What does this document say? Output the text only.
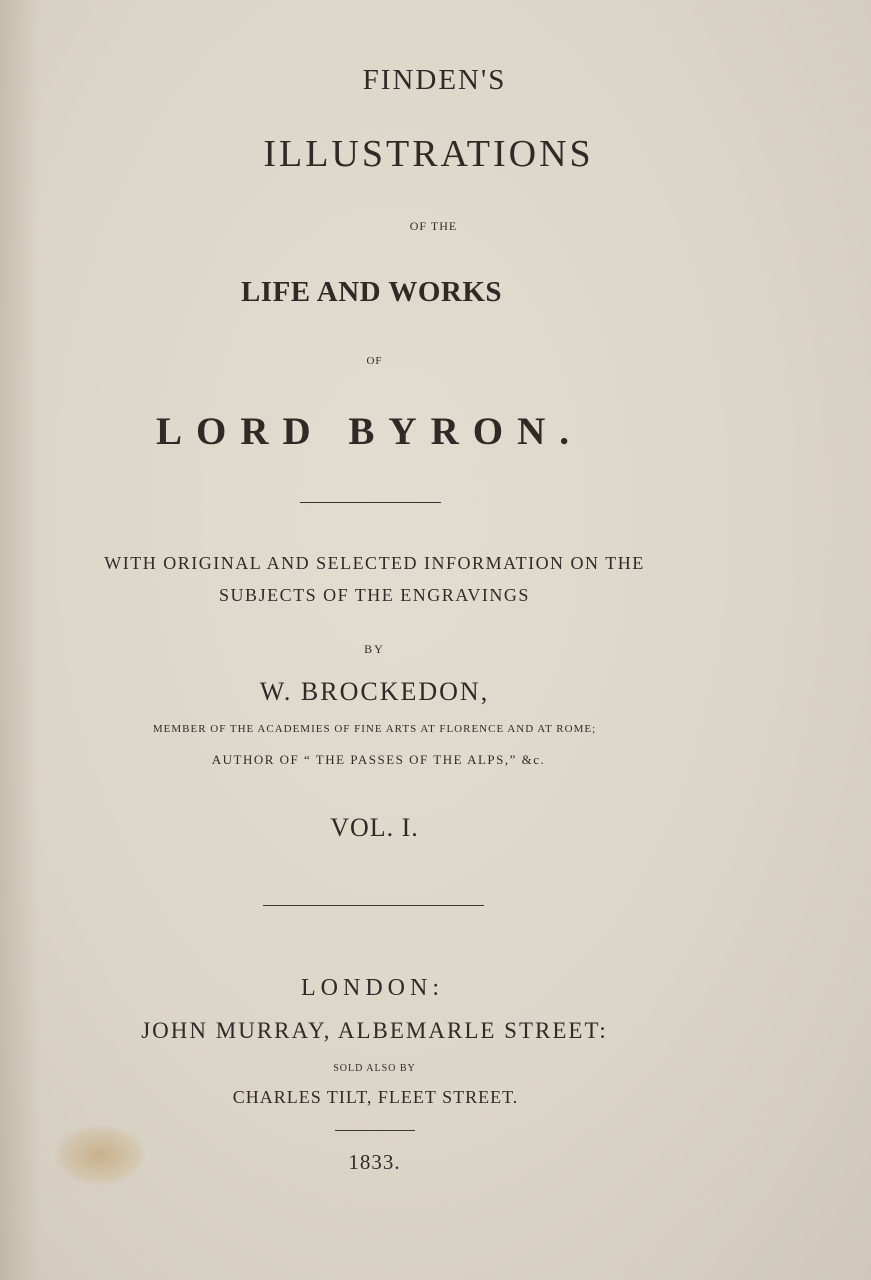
FINDEN'S
ILLUSTRATIONS
OF THE
LIFE AND WORKS
OF
LORD BYRON.
WITH ORIGINAL AND SELECTED INFORMATION ON THE
SUBJECTS OF THE ENGRAVINGS
BY
W. BROCKEDON,
MEMBER OF THE ACADEMIES OF FINE ARTS AT FLORENCE AND AT ROME;
AUTHOR OF “ THE PASSES OF THE ALPS,” &c.
VOL. I.
LONDON:
JOHN MURRAY, ALBEMARLE STREET:
SOLD ALSO BY
CHARLES TILT, FLEET STREET.
1833.
